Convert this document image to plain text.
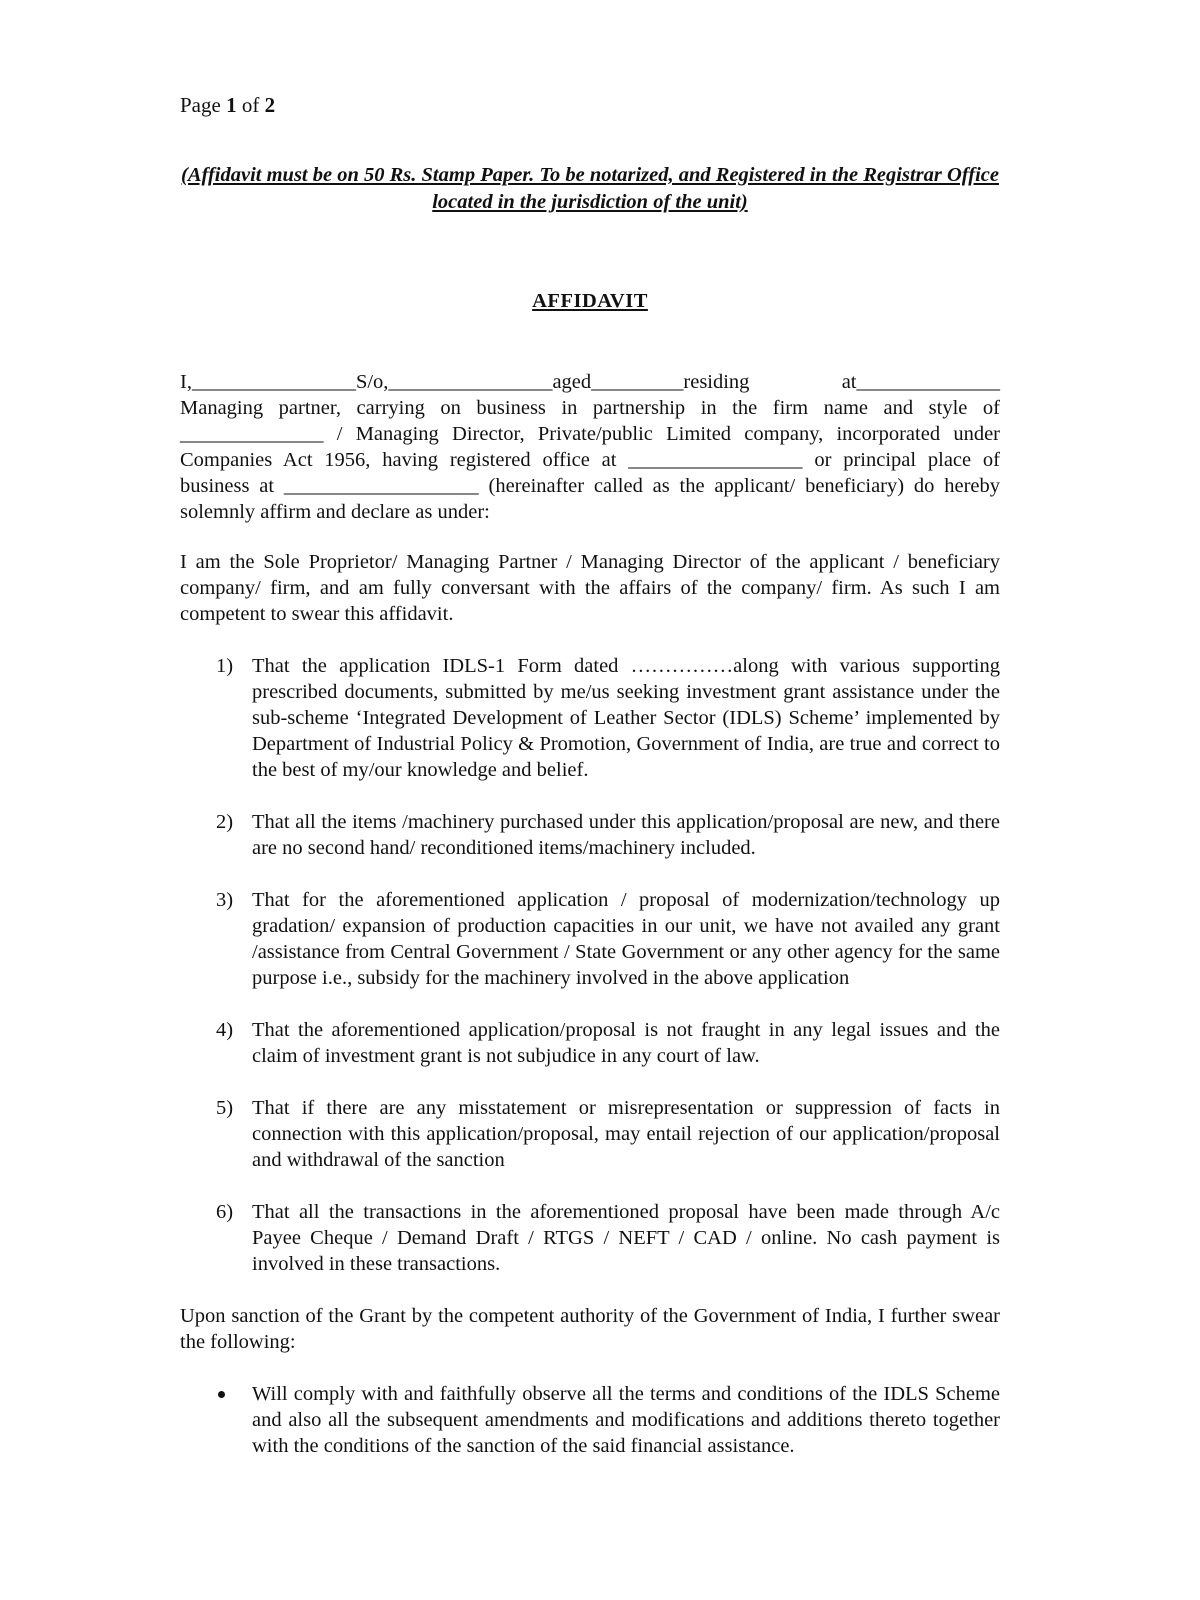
Page 1 of 2
(Affidavit must be on 50 Rs. Stamp Paper. To be notarized, and Registered in the Registrar Office located in the jurisdiction of the unit)
AFFIDAVIT

I,________________S/o,________________aged_________residing at______________ Managing partner, carrying on business in partnership in the firm name and style of ______________ / Managing Director, Private/public Limited company, incorporated under Companies Act 1956, having registered office at _________________ or principal place of business at ___________________ (hereinafter called as the applicant/ beneficiary) do hereby solemnly affirm and declare as under:

I am the Sole Proprietor/ Managing Partner / Managing Director of the applicant / beneficiary company/ firm, and am fully conversant with the affairs of the company/ firm. As such I am competent to swear this affidavit.

1) That the application IDLS-1 Form dated ……………along with various supporting prescribed documents, submitted by me/us seeking investment grant assistance under the sub-scheme ‘Integrated Development of Leather Sector (IDLS) Scheme’ implemented by Department of Industrial Policy & Promotion, Government of India, are true and correct to the best of my/our knowledge and belief.
2) That all the items /machinery purchased under this application/proposal are new, and there are no second hand/ reconditioned items/machinery included.
3) That for the aforementioned application / proposal of modernization/technology up gradation/ expansion of production capacities in our unit, we have not availed any grant /assistance from Central Government / State Government or any other agency for the same purpose i.e., subsidy for the machinery involved in the above application
4) That the aforementioned application/proposal is not fraught in any legal issues and the claim of investment grant is not subjudice in any court of law.
5) That if there are any misstatement or misrepresentation or suppression of facts in connection with this application/proposal, may entail rejection of our application/proposal and withdrawal of the sanction
6) That all the transactions in the aforementioned proposal have been made through A/c Payee Cheque / Demand Draft / RTGS / NEFT / CAD / online. No cash payment is involved in these transactions.

Upon sanction of the Grant by the competent authority of the Government of India, I further swear the following:

Will comply with and faithfully observe all the terms and conditions of the IDLS Scheme and also all the subsequent amendments and modifications and additions thereto together with the conditions of the sanction of the said financial assistance.
